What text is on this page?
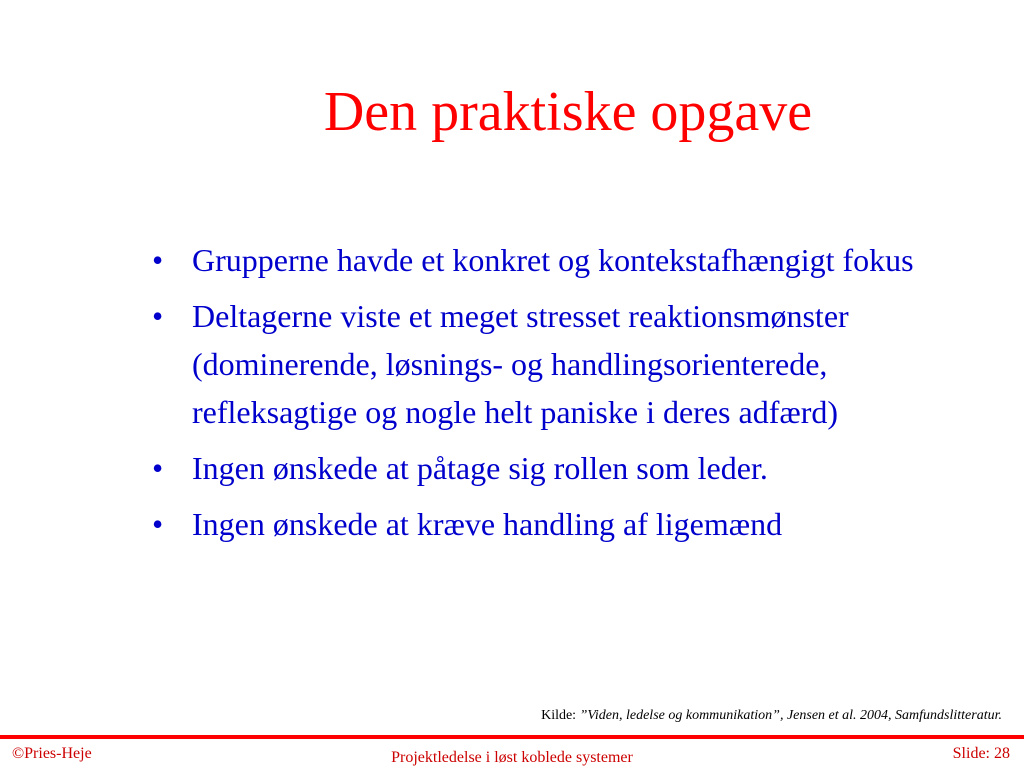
Den praktiske opgave
• Grupperne havde et konkret og kontekstafhængigt fokus
• Deltagerne viste et meget stresset reaktionsmønster (dominerende, løsnings- og handlingsorienterede, refleksagtige og nogle helt paniske i deres adfærd)
• Ingen ønskede at påtage sig rollen som leder.
• Ingen ønskede at kræve handling af ligemænd
Kilde: ”Viden, ledelse og kommunikation”, Jensen et al. 2004, Samfundslitteratur.
©Pries-Heje	Projektledelse i løst koblede systemer	Slide: 28
